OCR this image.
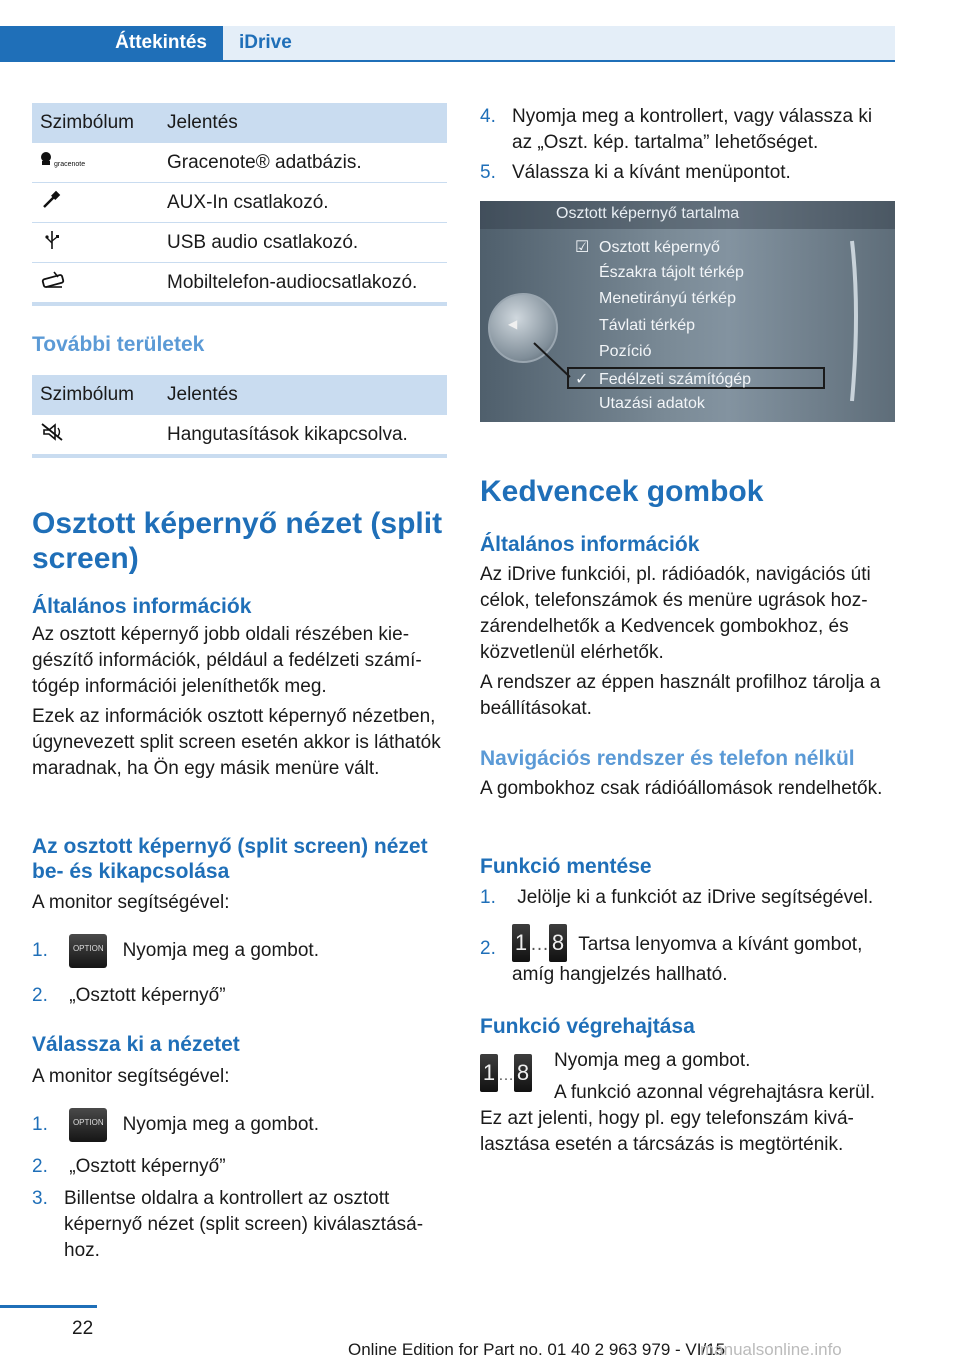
Áttekintés iDrive
Szimbólum	Jelentés

gracenote	Gracenote® adatbázis.
	AUX-In csatlakozó.
	USB audio csatlakozó.
	Mobiltelefon-audiocsatlakozó.
További területek
Szimbólum	Jelentés
	Hangutasítások kikapcsolva.
Osztott képernyő nézet (split screen)
Általános információk
Az osztott képernyő jobb oldali részében kiegészítő információk, például a fedélzeti számítógép információi jeleníthetők meg.
Ezek az információk osztott képernyő nézetben, úgynevezett split screen esetén akkor is láthatók maradnak, ha Ön egy másik menüre vált.
Az osztott képernyő (split screen) nézet be- és kikapcsolása
A monitor segítségével:
1.	OPTION Nyomja meg a gombot.
2. „Osztott képernyő”
Válassza ki a nézetet
A monitor segítségével:
1.	OPTION Nyomja meg a gombot.
2. „Osztott képernyő”
3. Billentse oldalra a kontrollert az osztott képernyő nézet (split screen) kiválasztásához.
4. Nyomja meg a kontrollert, vagy válassza ki az „Oszt. kép. tartalma” lehetőséget.
5. Válassza ki a kívánt menüpontot.
Osztott képernyő tartalma
◀
☑ Osztott képernyő
Északra tájolt térkép
Menetirányú térkép
Távlati térkép
Pozíció
✓ Fedélzeti számítógép
Utazási adatok
Kedvencek gombok
Általános információk
Az iDrive funkciói, pl. rádióadók, navigációs úti célok, telefonszámok és menüre ugrások hozzárendelhetők a Kedvencek gombokhoz, és közvetlenül elérhetők.
A rendszer az éppen használt profilhoz tárolja a beállításokat.
Navigációs rendszer és telefon nélkül
A gombokhoz csak rádióállomások rendelhetők.
Funkció mentése
1. Jelölje ki a funkciót az iDrive segítségével.
2. 1 … 8 Tartsa lenyomva a kívánt gombot, amíg hangjelzés hallható.
Funkció végrehajtása
1 … 8	Nyomja meg a gombot.
A funkció azonnal végrehajtásra kerül.
Ez azt jelenti, hogy pl. egy telefonszám kiválasztása esetén a tárcsázás is megtörténik.
22
Online Edition for Part no. 01 40 2 963 979 - VI/15
manualsonline.info
